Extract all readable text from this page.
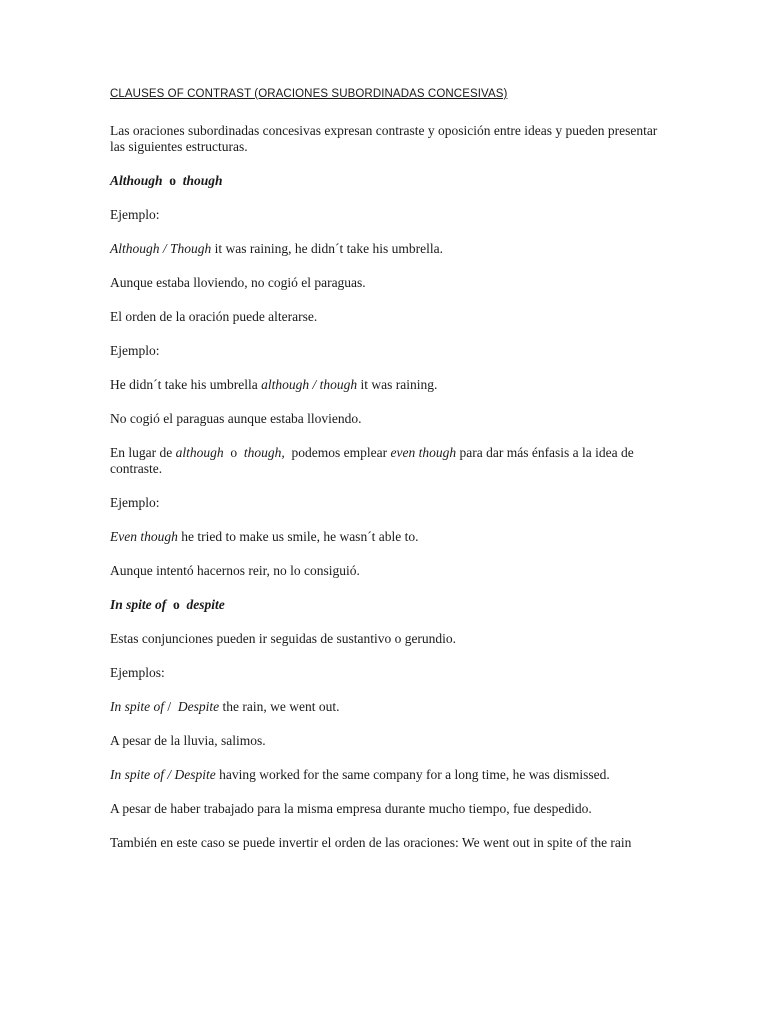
CLAUSES OF CONTRAST (ORACIONES SUBORDINADAS CONCESIVAS)

Las oraciones subordinadas concesivas expresan contraste y oposición entre ideas y pueden presentar las siguientes estructuras.

Although o though

Ejemplo:

Although / Though it was raining, he didn´t take his umbrella.

Aunque estaba lloviendo, no cogió el paraguas.

El orden de la oración puede alterarse.

Ejemplo:

He didn´t take his umbrella although / though it was raining.

No cogió el paraguas aunque estaba lloviendo.

En lugar de although  o  though,  podemos emplear even though para dar más énfasis a la idea de contraste.

Ejemplo:

Even though he tried to make us smile, he wasn´t able to.

Aunque intentó hacernos reir, no lo consiguió.

In spite of o despite

Estas conjunciones pueden ir seguidas de sustantivo o gerundio.

Ejemplos:

In spite of /  Despite the rain, we went out.

A pesar de la lluvia, salimos.

In spite of / Despite having worked for the same company for a long time, he was dismissed.

A pesar de haber trabajado para la misma empresa durante mucho tiempo, fue despedido.

También en este caso se puede invertir el orden de las oraciones: We went out in spite of the rain
